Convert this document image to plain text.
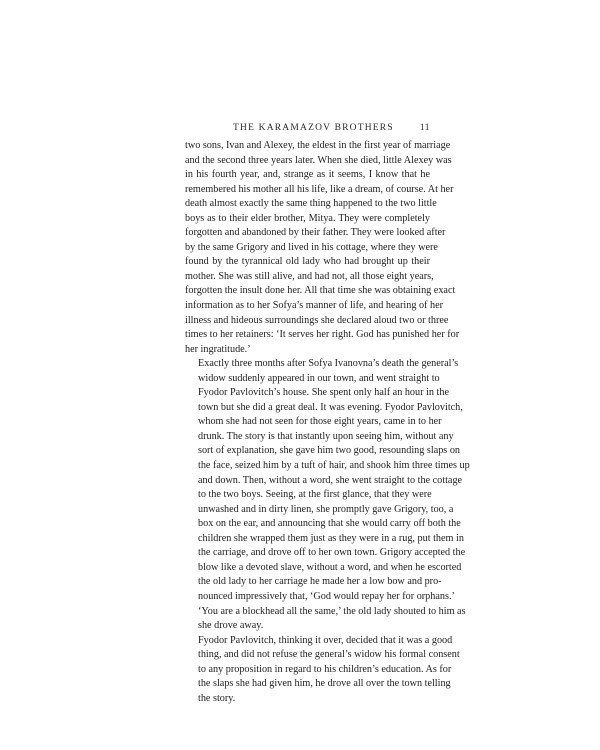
THE KARAMAZOV BROTHERS	11
two sons, Ivan and Alexey, the eldest in the first year of marriage
and the second three years later. When she died, little Alexey was
in his fourth year, and, strange as it seems, I know that he
remembered his mother all his life, like a dream, of course. At her
death almost exactly the same thing happened to the two little
boys as to their elder brother, Mitya. They were completely
forgotten and abandoned by their father. They were looked after
by the same Grigory and lived in his cottage, where they were
found by the tyrannical old lady who had brought up their
mother. She was still alive, and had not, all those eight years,
forgotten the insult done her. All that time she was obtaining exact
information as to her Sofya’s manner of life, and hearing of her
illness and hideous surroundings she declared aloud two or three
times to her retainers: ‘It serves her right. God has punished her for
her ingratitude.’
Exactly three months after Sofya Ivanovna’s death the general’s
widow suddenly appeared in our town, and went straight to
Fyodor Pavlovitch’s house. She spent only half an hour in the
town but she did a great deal. It was evening. Fyodor Pavlovitch,
whom she had not seen for those eight years, came in to her
drunk. The story is that instantly upon seeing him, without any
sort of explanation, she gave him two good, resounding slaps on
the face, seized him by a tuft of hair, and shook him three times up
and down. Then, without a word, she went straight to the cottage
to the two boys. Seeing, at the first glance, that they were
unwashed and in dirty linen, she promptly gave Grigory, too, a
box on the ear, and announcing that she would carry off both the
children she wrapped them just as they were in a rug, put them in
the carriage, and drove off to her own town. Grigory accepted the
blow like a devoted slave, without a word, and when he escorted
the old lady to her carriage he made her a low bow and pro-
nounced impressively that, ‘God would repay her for orphans.’
‘You are a blockhead all the same,’ the old lady shouted to him as
she drove away.
Fyodor Pavlovitch, thinking it over, decided that it was a good
thing, and did not refuse the general’s widow his formal consent
to any proposition in regard to his children’s education. As for
the slaps she had given him, he drove all over the town telling
the story.
